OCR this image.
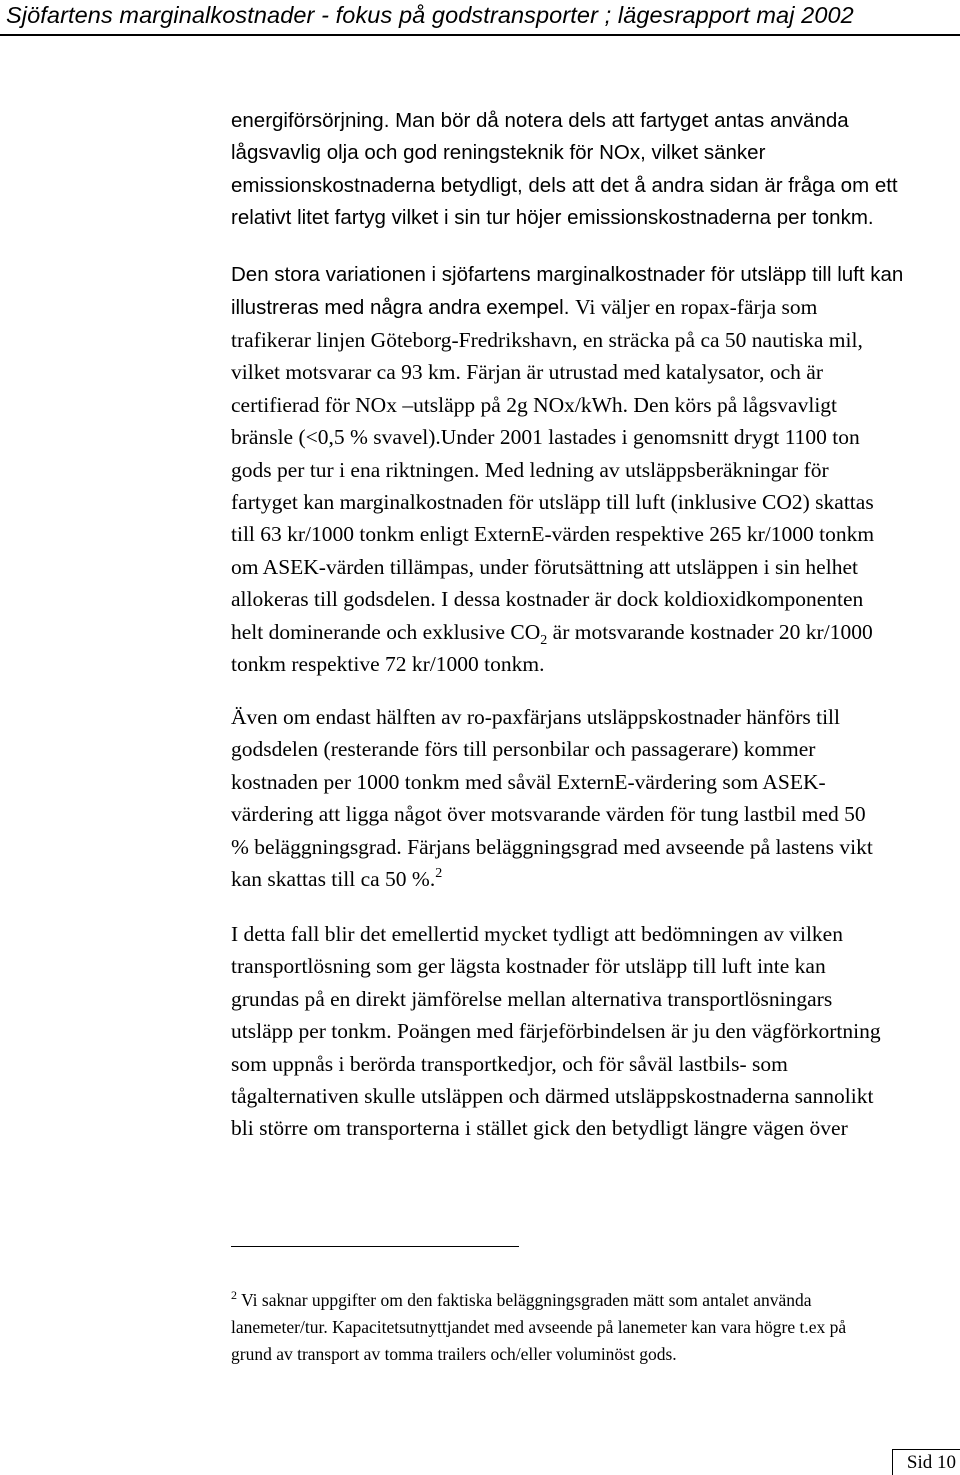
Sjöfartens marginalkostnader - fokus på godstransporter ; lägesrapport maj 2002
energiförsörjning. Man bör då notera dels att fartyget antas använda
lågsvavlig olja och god reningsteknik för NOx, vilket sänker
emissionskostnaderna betydligt, dels att det å andra sidan är fråga om ett
relativt litet fartyg vilket i sin tur höjer emissionskostnaderna per tonkm.
Den stora variationen i sjöfartens marginalkostnader för utsläpp till luft kan
illustreras med några andra exempel. Vi väljer en ropax-färja som
trafikerar linjen Göteborg-Fredrikshavn, en sträcka på ca 50 nautiska mil,
vilket motsvarar ca 93 km. Färjan är utrustad med katalysator, och är
certifierad för NOx –utsläpp på 2g NOx/kWh. Den körs på lågsvavligt
bränsle (<0,5 % svavel).Under 2001 lastades i genomsnitt drygt 1100 ton
gods per tur i ena riktningen. Med ledning av utsläppsberäkningar för
fartyget kan marginalkostnaden för utsläpp till luft (inklusive CO2) skattas
till 63 kr/1000 tonkm enligt ExternE-värden respektive 265 kr/1000 tonkm
om ASEK-värden tillämpas, under förutsättning att utsläppen i sin helhet
allokeras till godsdelen. I dessa kostnader är dock koldioxidkomponenten
helt dominerande och exklusive $CO_2$ är motsvarande kostnader 20 kr/1000
tonkm respektive 72 kr/1000 tonkm.
Även om endast hälften av ro-paxfärjans utsläppskostnader hänförs till
godsdelen (resterande förs till personbilar och passagerare) kommer
kostnaden per 1000 tonkm med såväl ExternE-värdering som ASEK-
värdering att ligga något över motsvarande värden för tung lastbil med 50
% beläggningsgrad. Färjans beläggningsgrad med avseende på lastens vikt
kan skattas till ca 50 %.$^2$
I detta fall blir det emellertid mycket tydligt att bedömningen av vilken
transportlösning som ger lägsta kostnader för utsläpp till luft inte kan
grundas på en direkt jämförelse mellan alternativa transportlösningars
utsläpp per tonkm. Poängen med färjeförbindelsen är ju den vägförkortning
som uppnås i berörda transportkedjor, och för såväl lastbils- som
tågalternativen skulle utsläppen och därmed utsläppskostnaderna sannolikt
bli större om transporterna i stället gick den betydligt längre vägen över
$^2$ Vi saknar uppgifter om den faktiska beläggningsgraden mätt som antalet använda
lanemeter/tur. Kapacitetsutnyttjandet med avseende på lanemeter kan vara högre t.ex på
grund av transport av tomma trailers och/eller voluminöst gods.
Sid 10
